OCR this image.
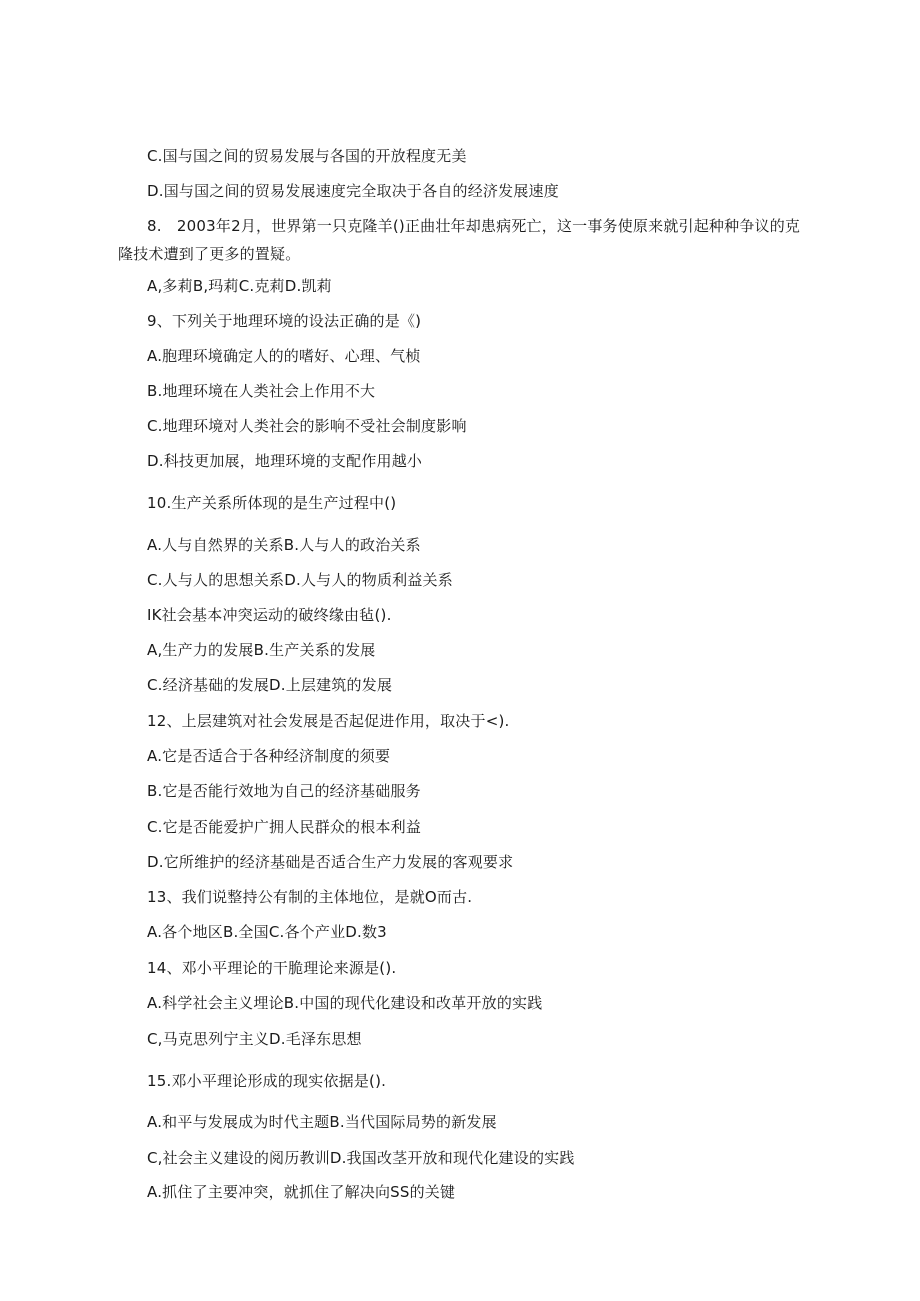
C.国与国之间的贸易发展与各国的开放程度无美
D.国与国之间的贸易发展速度完全取决于各自的经济发展速度
8.　2003年2月，世界第一只克隆羊()正曲壮年却患病死亡，这一事务使原来就引起种种争议的克隆技术遭到了更多的置疑。
A,多莉B,玛莉C.克莉D.凯莉
9、下列关于地理环境的设法正确的是《)
A.胞理环境确定人的的嗜好、心理、气桢
B.地理环境在人类社会上作用不大
C.地理环境对人类社会的影响不受社会制度影响
D.科技更加展，地理环境的支配作用越小
10.生产关系所体现的是生产过程中()
A.人与自然界的关系B.人与人的政治关系
C.人与人的思想关系D.人与人的物质利益关系
IK社会基本冲突运动的破终缘由毡().
A,生产力的发展B.生产关系的发展
C.经济基础的发展D.上层建筑的发展
12、上层建筑对社会发展是否起促进作用，取决于<).
A.它是否适合于各种经济制度的须要
B.它是否能行效地为自己的经济基础服务
C.它是否能爱护广拥人民群众的根本利益
D.它所维护的经济基础是否适合生产力发展的客观要求
13、我们说整持公有制的主体地位，是就O而古.
A.各个地区B.全国C.各个产业D.数3
14、邓小平理论的干脆理论来源是().
A.科学社会主义埋论B.中国的现代化建设和改革开放的实践
C,马克思列宁主义D.毛泽东思想
15.邓小平理论形成的现实依据是().
A.和平与发展成为时代主题B.当代国际局势的新发展
C,社会主义建设的阅历教训D.我国改茎开放和现代化建设的实践
A.抓住了主要冲突，就抓住了解决向SS的关键
